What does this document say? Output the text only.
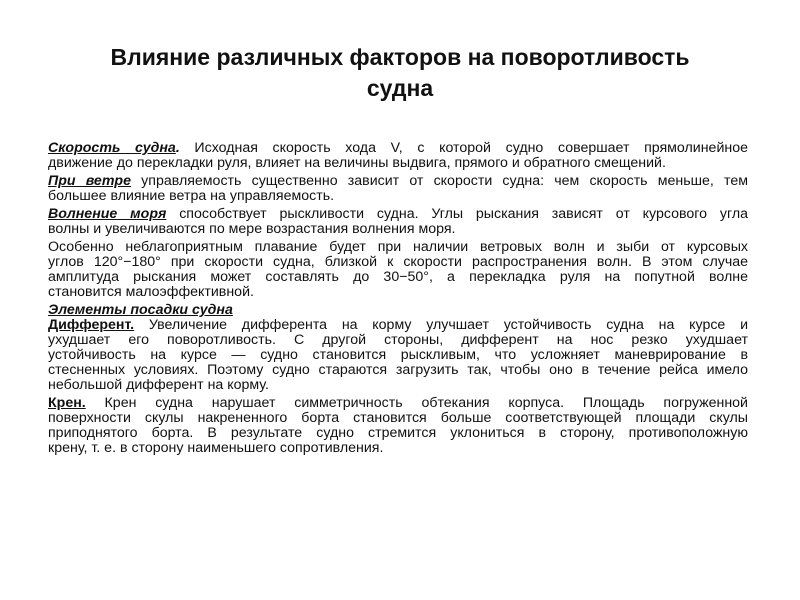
Влияние различных факторов на поворотливость
судна
Скорость судна. Исходная скорость хода V, с которой судно совершает прямолинейное
движение до перекладки руля, влияет на величины выдвига, прямого и обратного смещений.
При ветре управляемость существенно зависит от скорости судна: чем скорость меньше, тем
большее влияние ветра на управляемость.
Волнение моря способствует рыскливости судна. Углы рыскания зависят от курсового угла
волны и увеличиваются по мере возрастания волнения моря.
Особенно неблагоприятным плавание будет при наличии ветровых волн и зыби от курсовых
углов 120°−180° при скорости судна, близкой к скорости распространения волн. В этом случае
амплитуда рыскания может составлять до 30−50°, а перекладка руля на попутной волне
становится малоэффективной.
Элементы посадки судна
Дифферент. Увеличение дифферента на корму улучшает устойчивость судна на курсе и
ухудшает его поворотливость. С другой стороны, дифферент на нос резко ухудшает
устойчивость на курсе — судно становится рыскливым, что усложняет маневрирование в
стесненных условиях. Поэтому судно стараются загрузить так, чтобы оно в течение рейса имело
небольшой дифферент на корму.
Крен. Крен судна нарушает симметричность обтекания корпуса. Площадь погруженной
поверхности скулы накрененного борта становится больше соответствующей площади скулы
приподнятого борта. В результате судно стремится уклониться в сторону, противоположную
крену, т. е. в сторону наименьшего сопротивления.
